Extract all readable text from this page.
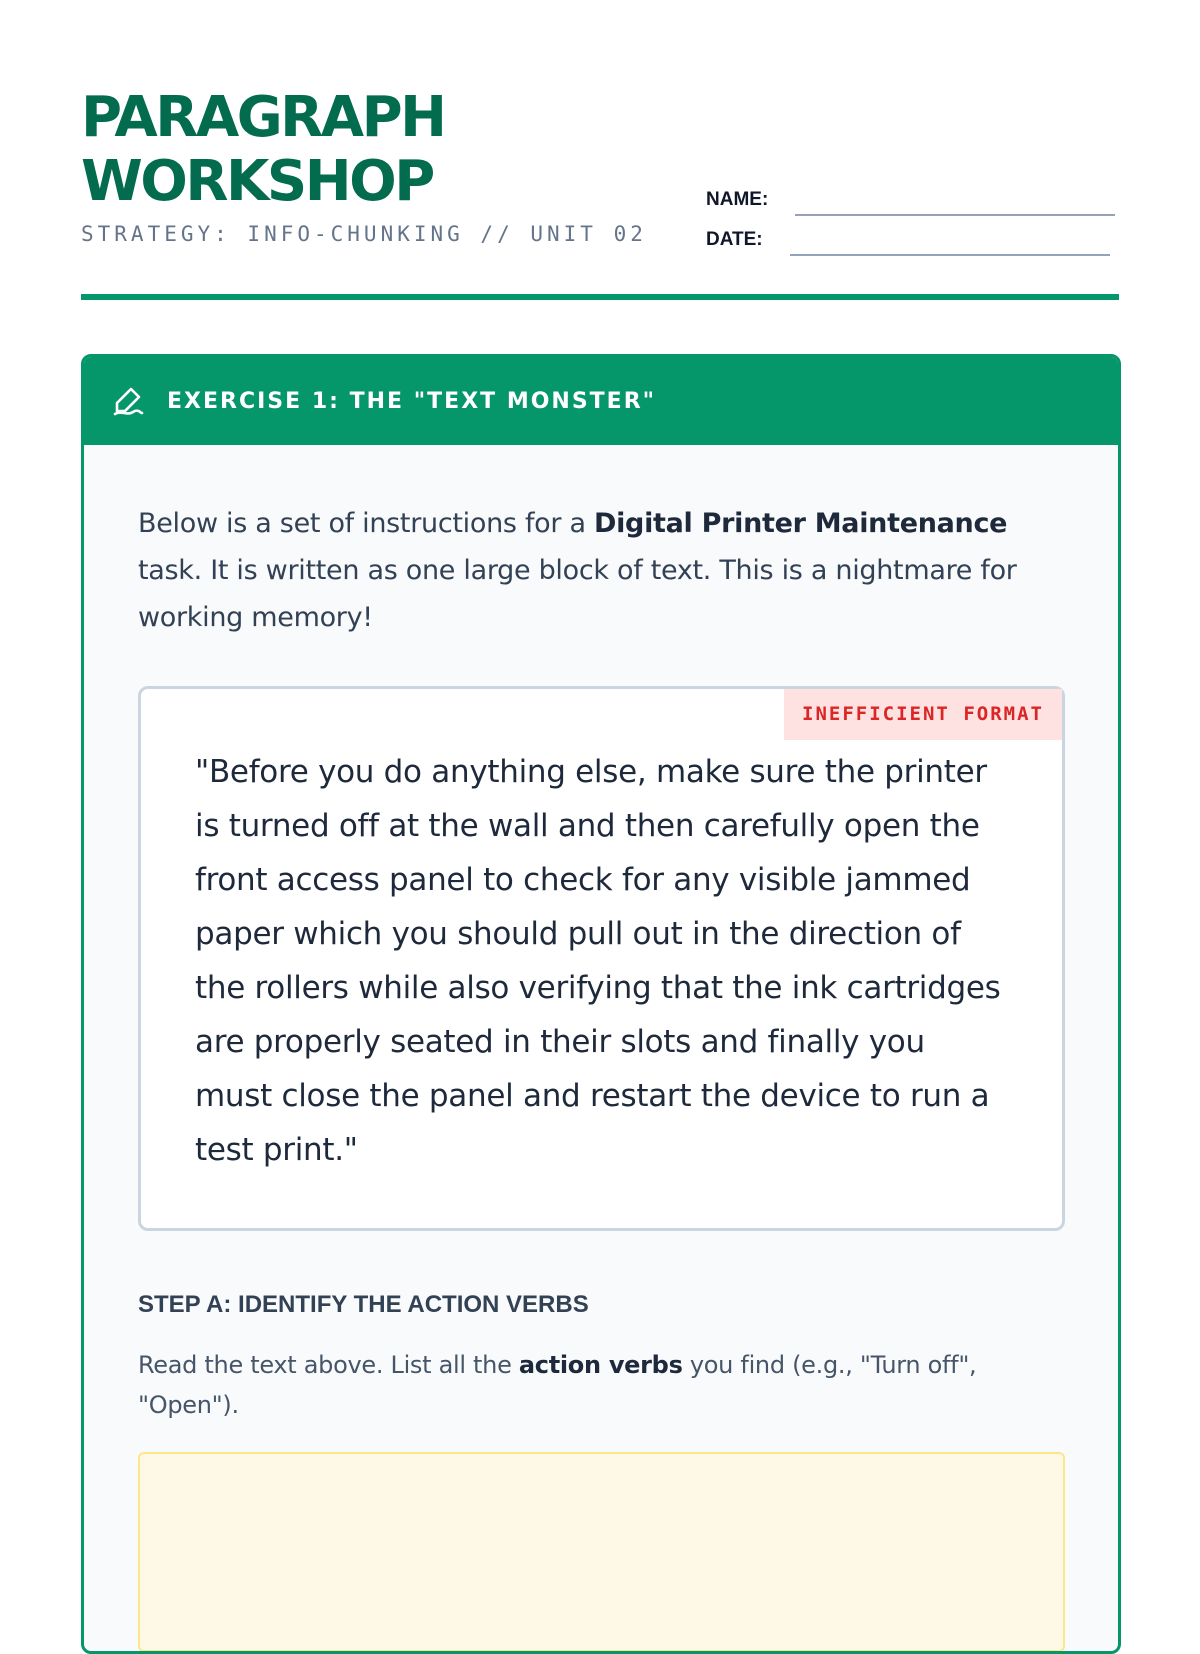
PARAGRAPH
WORKSHOP
STRATEGY: INFO-CHUNKING // UNIT 02
NAME:
DATE:
EXERCISE 1: THE "TEXT MONSTER"

Below is a set of instructions for a Digital Printer Maintenance task. It is written as one large block of text. This is a nightmare for working memory!

INEFFICIENT FORMAT

"Before you do anything else, make sure the printer is turned off at the wall and then carefully open the front access panel to check for any visible jammed paper which you should pull out in the direction of the rollers while also verifying that the ink cartridges are properly seated in their slots and finally you must close the panel and restart the device to run a test print."

STEP A: IDENTIFY THE ACTION VERBS

Read the text above. List all the action verbs you find (e.g., "Turn off", "Open").
